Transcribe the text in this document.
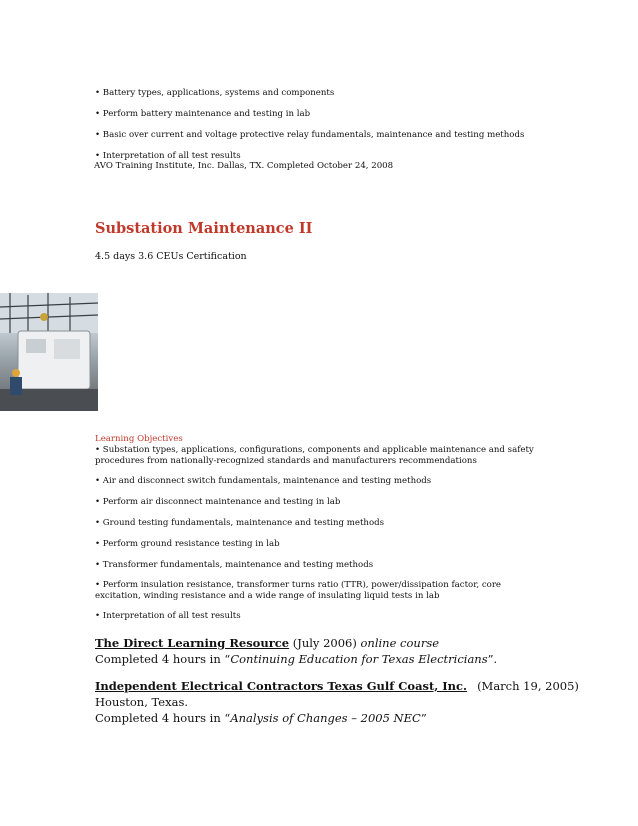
• Battery types, applications, systems and components
• Perform battery maintenance and testing in lab
• Basic over current and voltage protective relay fundamentals, maintenance and testing methods
• Interpretation of all test results
AVO Training Institute, Inc. Dallas, TX. Completed October 24, 2008
Substation Maintenance II
4.5 days 3.6 CEUs Certification
Learning Objectives
• Substation types, applications, configurations, components and applicable maintenance and safety procedures from nationally-recognized standards and manufacturers recommendations
• Air and disconnect switch fundamentals, maintenance and testing methods
• Perform air disconnect maintenance and testing in lab
• Ground testing fundamentals, maintenance and testing methods
• Perform ground resistance testing in lab
• Transformer fundamentals, maintenance and testing methods
• Perform insulation resistance, transformer turns ratio (TTR), power/dissipation factor, core excitation, winding resistance and a wide range of insulating liquid tests in lab
• Interpretation of all test results
The Direct Learning Resource (July 2006) online course
Completed 4 hours in “Continuing Education for Texas Electricians”.
Independent Electrical Contractors Texas Gulf Coast, Inc. (March 19, 2005)
Houston, Texas.
Completed 4 hours in “Analysis of Changes – 2005 NEC”
